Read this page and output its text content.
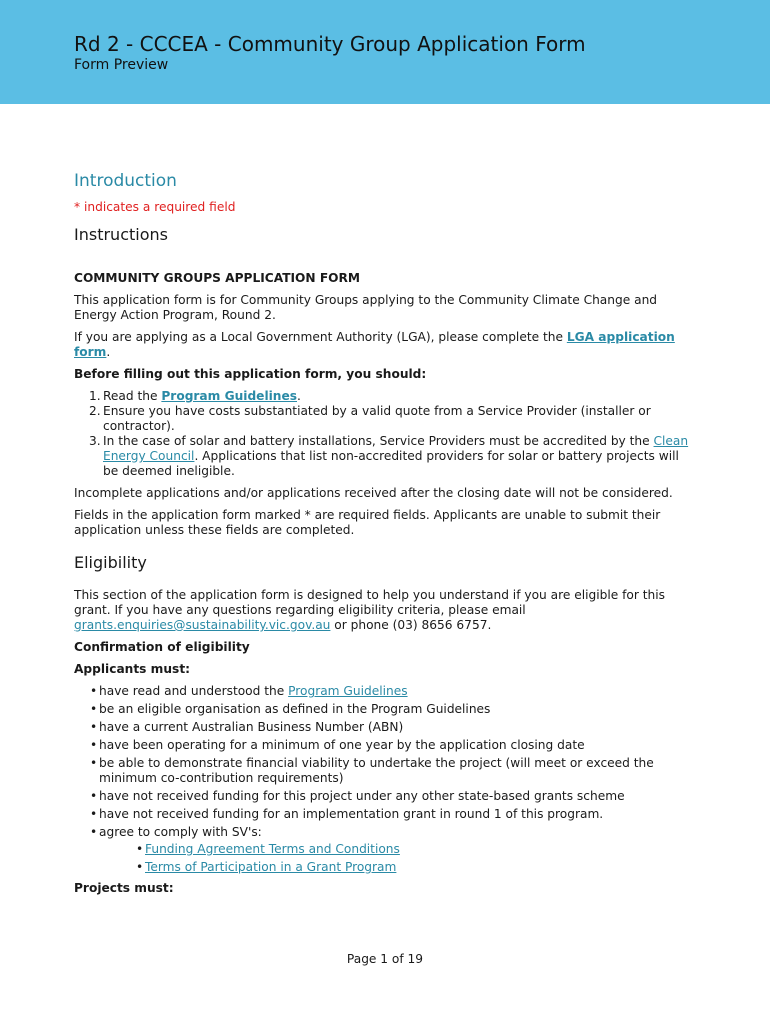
Rd 2 - CCCEA - Community Group Application Form
Form Preview
Introduction
* indicates a required field
Instructions

COMMUNITY GROUPS APPLICATION FORM

This application form is for Community Groups applying to the Community Climate Change and Energy Action Program, Round 2.

If you are applying as a Local Government Authority (LGA), please complete the LGA application form.

Before filling out this application form, you should:

1. Read the Program Guidelines.
2. Ensure you have costs substantiated by a valid quote from a Service Provider (installer or contractor).
3. In the case of solar and battery installations, Service Providers must be accredited by the Clean Energy Council. Applications that list non-accredited providers for solar or battery projects will be deemed ineligible.

Incomplete applications and/or applications received after the closing date will not be considered.

Fields in the application form marked * are required fields. Applicants are unable to submit their application unless these fields are completed.

Eligibility

This section of the application form is designed to help you understand if you are eligible for this grant. If you have any questions regarding eligibility criteria, please email grants.enquiries@sustainability.vic.gov.au or phone (03) 8656 6757.

Confirmation of eligibility

Applicants must:

• have read and understood the Program Guidelines
• be an eligible organisation as defined in the Program Guidelines
• have a current Australian Business Number (ABN)
• have been operating for a minimum of one year by the application closing date
• be able to demonstrate financial viability to undertake the project (will meet or exceed the minimum co-contribution requirements)
• have not received funding for this project under any other state-based grants scheme
• have not received funding for an implementation grant in round 1 of this program.
• agree to comply with SV's:
• Funding Agreement Terms and Conditions
• Terms of Participation in a Grant Program

Projects must:

Page 1 of 19
